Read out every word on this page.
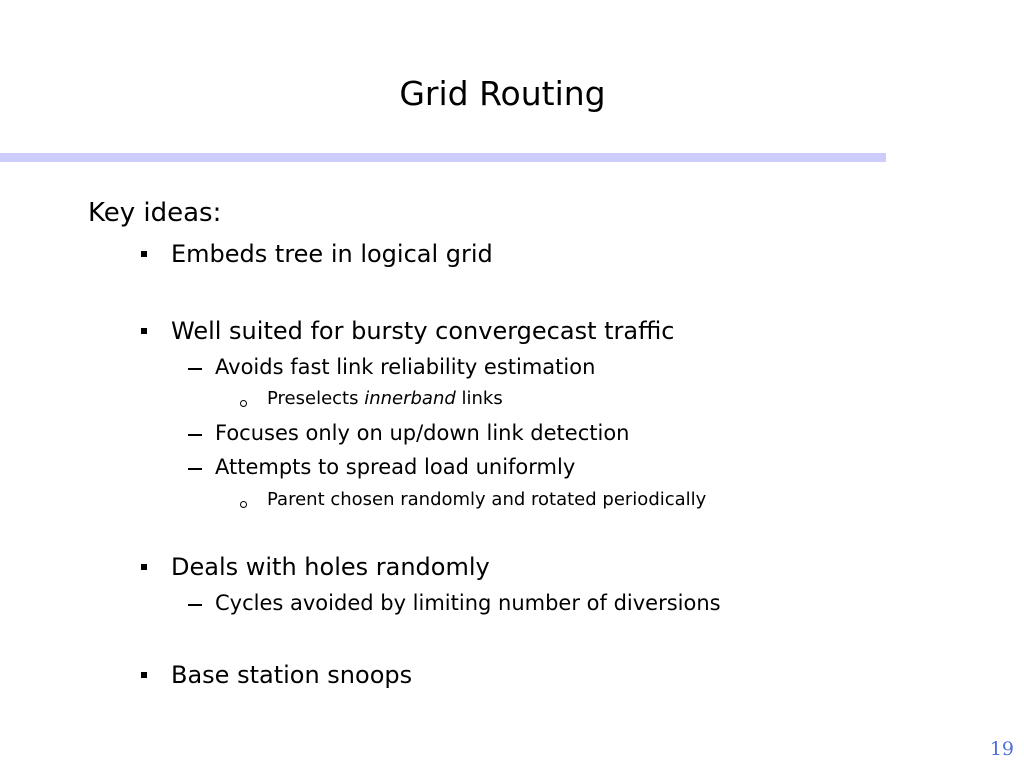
Grid Routing
Key ideas:
Embeds tree in logical grid
Well suited for bursty convergecast traffic
Avoids fast link reliability estimation
Preselects innerband links
Focuses only on up/down link detection
Attempts to spread load uniformly
Parent chosen randomly and rotated periodically
Deals with holes randomly
Cycles avoided by limiting number of diversions
Base station snoops
19
